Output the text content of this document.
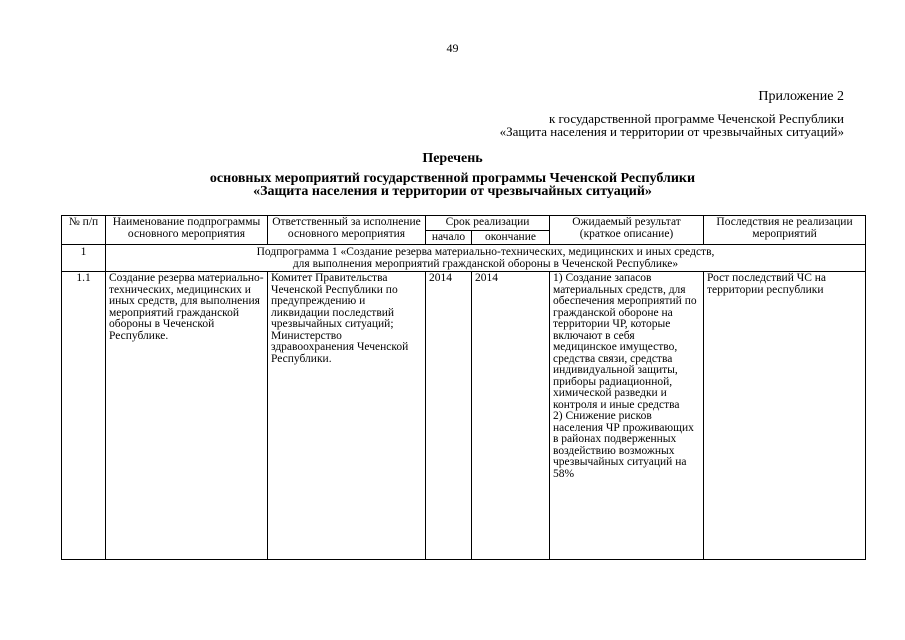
49
Приложение 2
к государственной программе Чеченской Республики
«Защита населения и территории от чрезвычайных ситуаций»
Перечень
основных мероприятий государственной программы Чеченской Республики
«Защита населения и территории от чрезвычайных ситуаций»
№ п/п	Наименование подпрограммы основного мероприятия	Ответственный за исполнение основного мероприятия	Срок реализации		Ожидаемый результат (краткое описание)	Последствия не реализации мероприятий
			начало	окончание		
1	Подпрограмма 1 «Создание резерва материально-технических, медицинских и иных средств,
для выполнения мероприятий гражданской обороны в Чеченской Республике»					

1.1	Создание резерва материально-технических, медицинских и иных средств, для выполнения мероприятий гражданской обороны в Чеченской Республике.	Комитет Правительства Чеченской Республики по предупреждению и ликвидации последствий чрезвычайных ситуаций; Министерство здравоохранения Чеченской Республики.	2014	2014	1) Создание запасов материальных средств, для обеспечения мероприятий по гражданской обороне на территории ЧР, которые включают в себя медицинское имущество, средства связи, средства индивидуальной защиты, приборы радиационной, химической разведки и контроля и иные средства
2) Снижение рисков населения ЧР проживающих в районах подверженных воздействию возможных чрезвычайных ситуаций на 58%	Рост последствий ЧС на территории республики
